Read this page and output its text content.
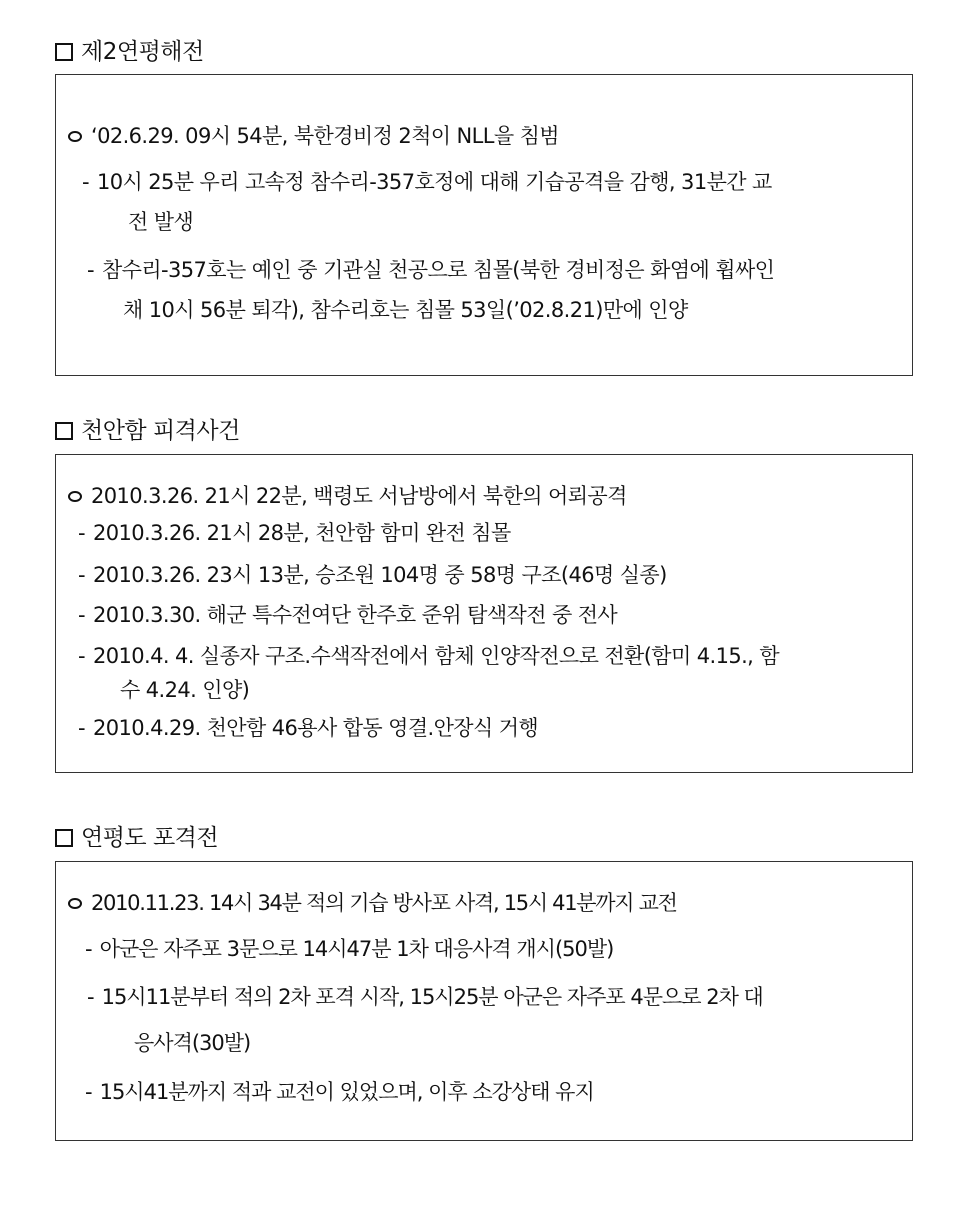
제2연평해전
‘02.6.29. 09시 54분, 북한경비정 2척이 NLL을 침범
- 10시 25분 우리 고속정 참수리-357호정에 대해 기습공격을 감행, 31분간 교
전 발생
- 참수리-357호는 예인 중 기관실 천공으로 침몰(북한 경비정은 화염에 휩싸인
채 10시 56분 퇴각), 참수리호는 침몰 53일(’02.8.21)만에 인양
천안함 피격사건
2010.3.26. 21시 22분, 백령도 서남방에서 북한의 어뢰공격
- 2010.3.26. 21시 28분, 천안함 함미 완전 침몰
- 2010.3.26. 23시 13분, 승조원 104명 중 58명 구조(46명 실종)
- 2010.3.30. 해군 특수전여단 한주호 준위 탐색작전 중 전사
- 2010.4. 4. 실종자 구조.수색작전에서 함체 인양작전으로 전환(함미 4.15., 함
수 4.24. 인양)
- 2010.4.29. 천안함 46용사 합동 영결.안장식 거행
연평도 포격전
2010.11.23. 14시 34분 적의 기습 방사포 사격, 15시 41분까지 교전
- 아군은 자주포 3문으로 14시47분 1차 대응사격 개시(50발)
- 15시11분부터 적의 2차 포격 시작, 15시25분 아군은 자주포 4문으로 2차 대
응사격(30발)
- 15시41분까지 적과 교전이 있었으며, 이후 소강상태 유지
